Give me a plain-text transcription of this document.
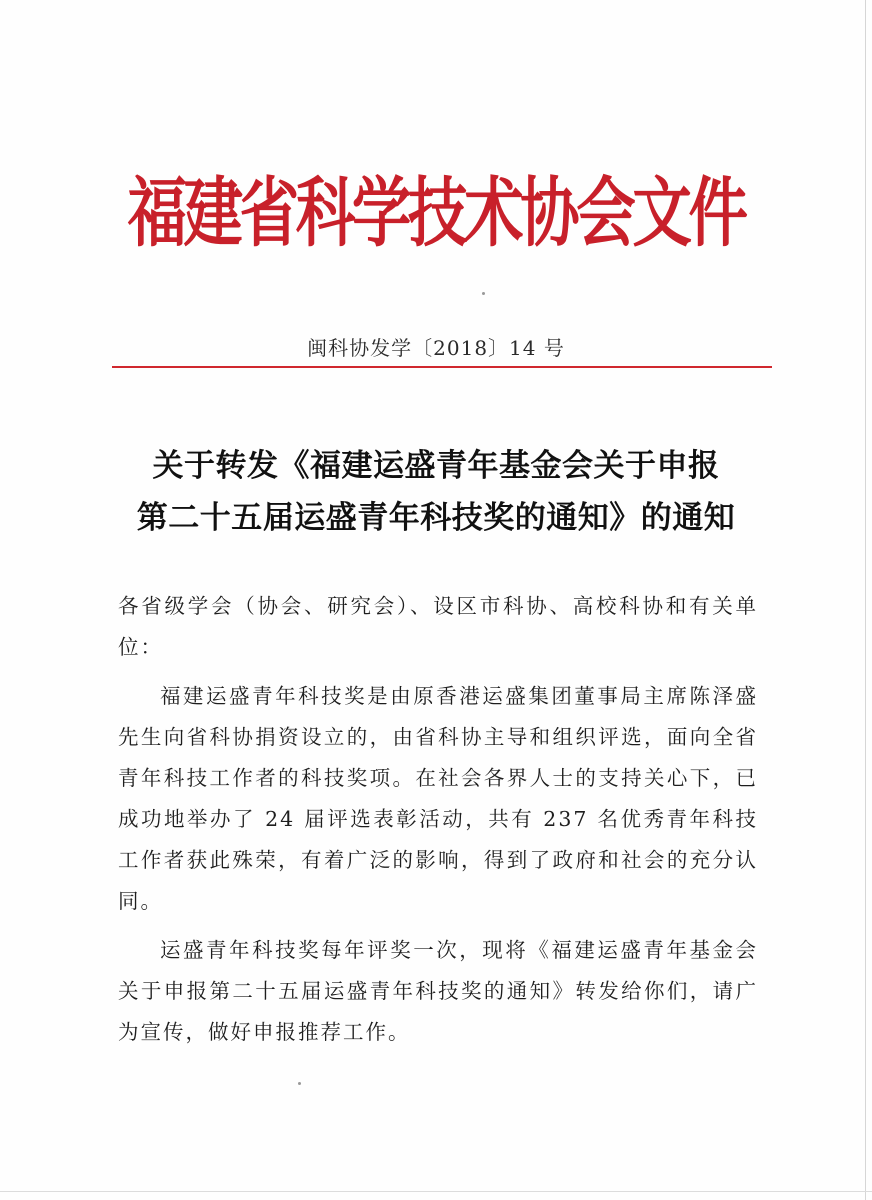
福建省科学技术协会文件
闽科协发学〔2018〕14 号
关于转发《福建运盛青年基金会关于申报
第二十五届运盛青年科技奖的通知》的通知

各省级学会（协会、研究会）、设区市科协、高校科协和有关单位：

福建运盛青年科技奖是由原香港运盛集团董事局主席陈泽盛先生向省科协捐资设立的，由省科协主导和组织评选，面向全省青年科技工作者的科技奖项。在社会各界人士的支持关心下，已成功地举办了 24 届评选表彰活动，共有 237 名优秀青年科技工作者获此殊荣，有着广泛的影响，得到了政府和社会的充分认同。

运盛青年科技奖每年评奖一次，现将《福建运盛青年基金会关于申报第二十五届运盛青年科技奖的通知》转发给你们，请广为宣传，做好申报推荐工作。
